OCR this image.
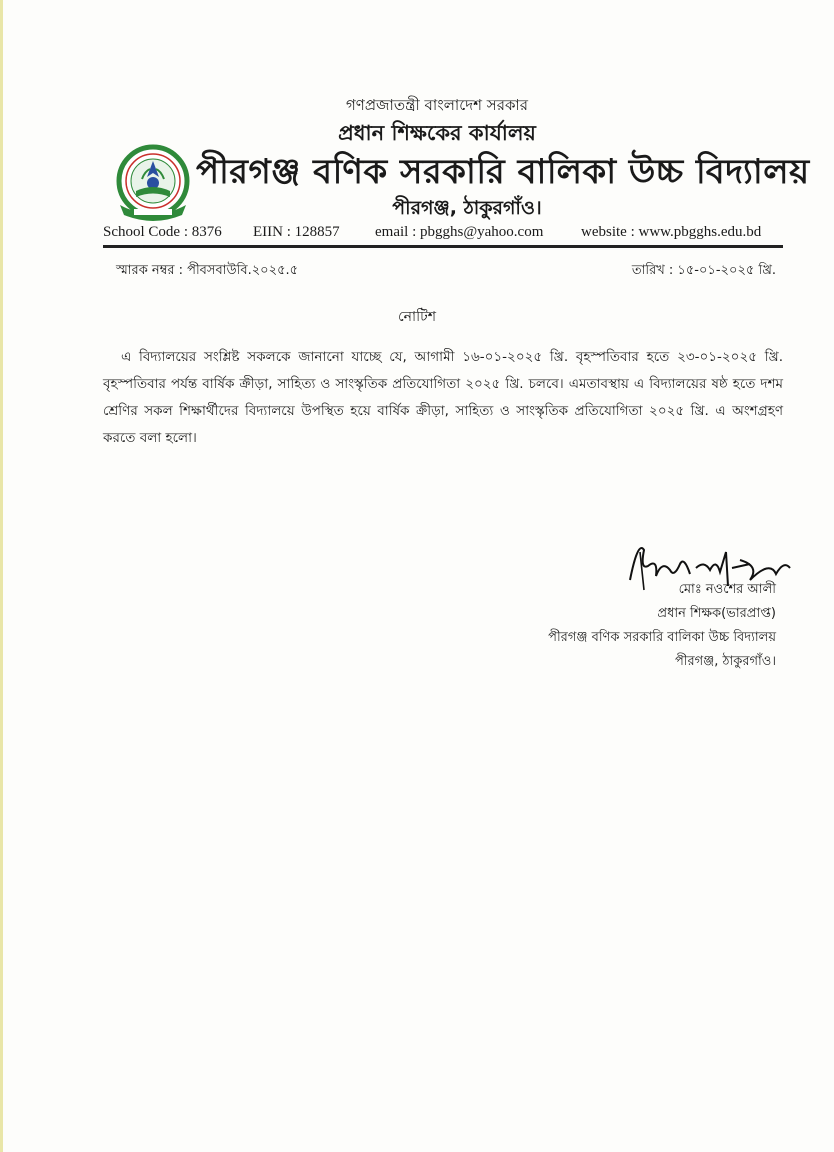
গণপ্রজাতন্ত্রী বাংলাদেশ সরকার
প্রধান শিক্ষকের কার্যালয়
পীরগঞ্জ বণিক সরকারি বালিকা উচ্চ বিদ্যালয়
পীরগঞ্জ, ঠাকুরগাঁও।
School Code : 8376 EIIN : 128857 email : pbgghs@yahoo.com	website : www.pbgghs.edu.bd
স্মারক নম্বর : পীবসবাউবি.২০২৫.৫	তারিখ : ১৫-০১-২০২৫ খ্রি.
নোটিশ
এ বিদ্যালয়ের সংশ্লিষ্ট সকলকে জানানো যাচ্ছে যে, আগামী ১৬-০১-২০২৫ খ্রি. বৃহস্পতিবার হতে ২৩-০১-২০২৫ খ্রি. বৃহস্পতিবার পর্যন্ত বার্ষিক ক্রীড়া, সাহিত্য ও সাংস্কৃতিক প্রতিযোগিতা ২০২৫ খ্রি. চলবে। এমতাবস্থায় এ বিদ্যালয়ের ষষ্ঠ হতে দশম শ্রেণির সকল শিক্ষার্থীদের বিদ্যালয়ে উপস্থিত হয়ে বার্ষিক ক্রীড়া, সাহিত্য ও সাংস্কৃতিক প্রতিযোগিতা ২০২৫ খ্রি. এ অংশগ্রহণ করতে বলা হলো।
মোঃ নওশের আলী
প্রধান শিক্ষক(ভারপ্রাপ্ত)
পীরগঞ্জ বণিক সরকারি বালিকা উচ্চ বিদ্যালয়
পীরগঞ্জ, ঠাকুরগাঁও।
